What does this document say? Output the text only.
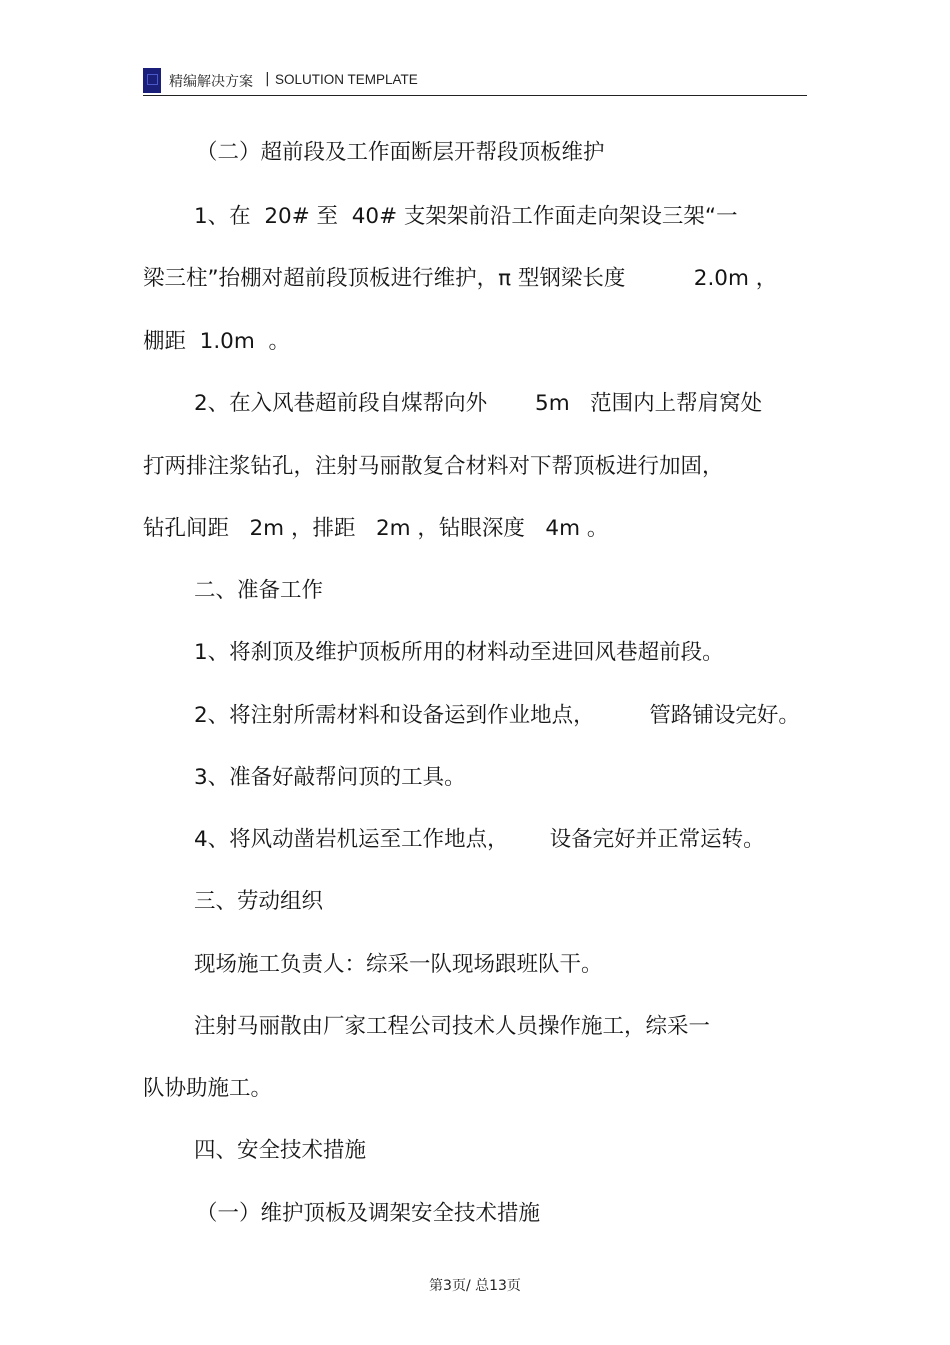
精编解决方案 | SOLUTION TEMPLATE
（二）超前段及工作面断层开帮段顶板维护
1、在  20# 至  40# 支架架前沿工作面走向架设三架“一
梁三柱”抬棚对超前段顶板进行维护，π 型钢梁长度          2.0m ，
棚距  1.0m  。
2、在入风巷超前段自煤帮向外       5m   范围内上帮肩窝处
打两排注浆钻孔，注射马丽散复合材料对下帮顶板进行加固，
钻孔间距   2m ，排距   2m ，钻眼深度   4m 。
二、准备工作
1、将刹顶及维护顶板所用的材料动至进回风巷超前段。
2、将注射所需材料和设备运到作业地点，        管路铺设完好。
3、准备好敲帮问顶的工具。
4、将风动凿岩机运至工作地点，      设备完好并正常运转。
三、劳动组织
现场施工负责人：综采一队现场跟班队干。
注射马丽散由厂家工程公司技术人员操作施工，综采一
队协助施工。
四、安全技术措施
（一）维护顶板及调架安全技术措施
第3页/ 总13页
